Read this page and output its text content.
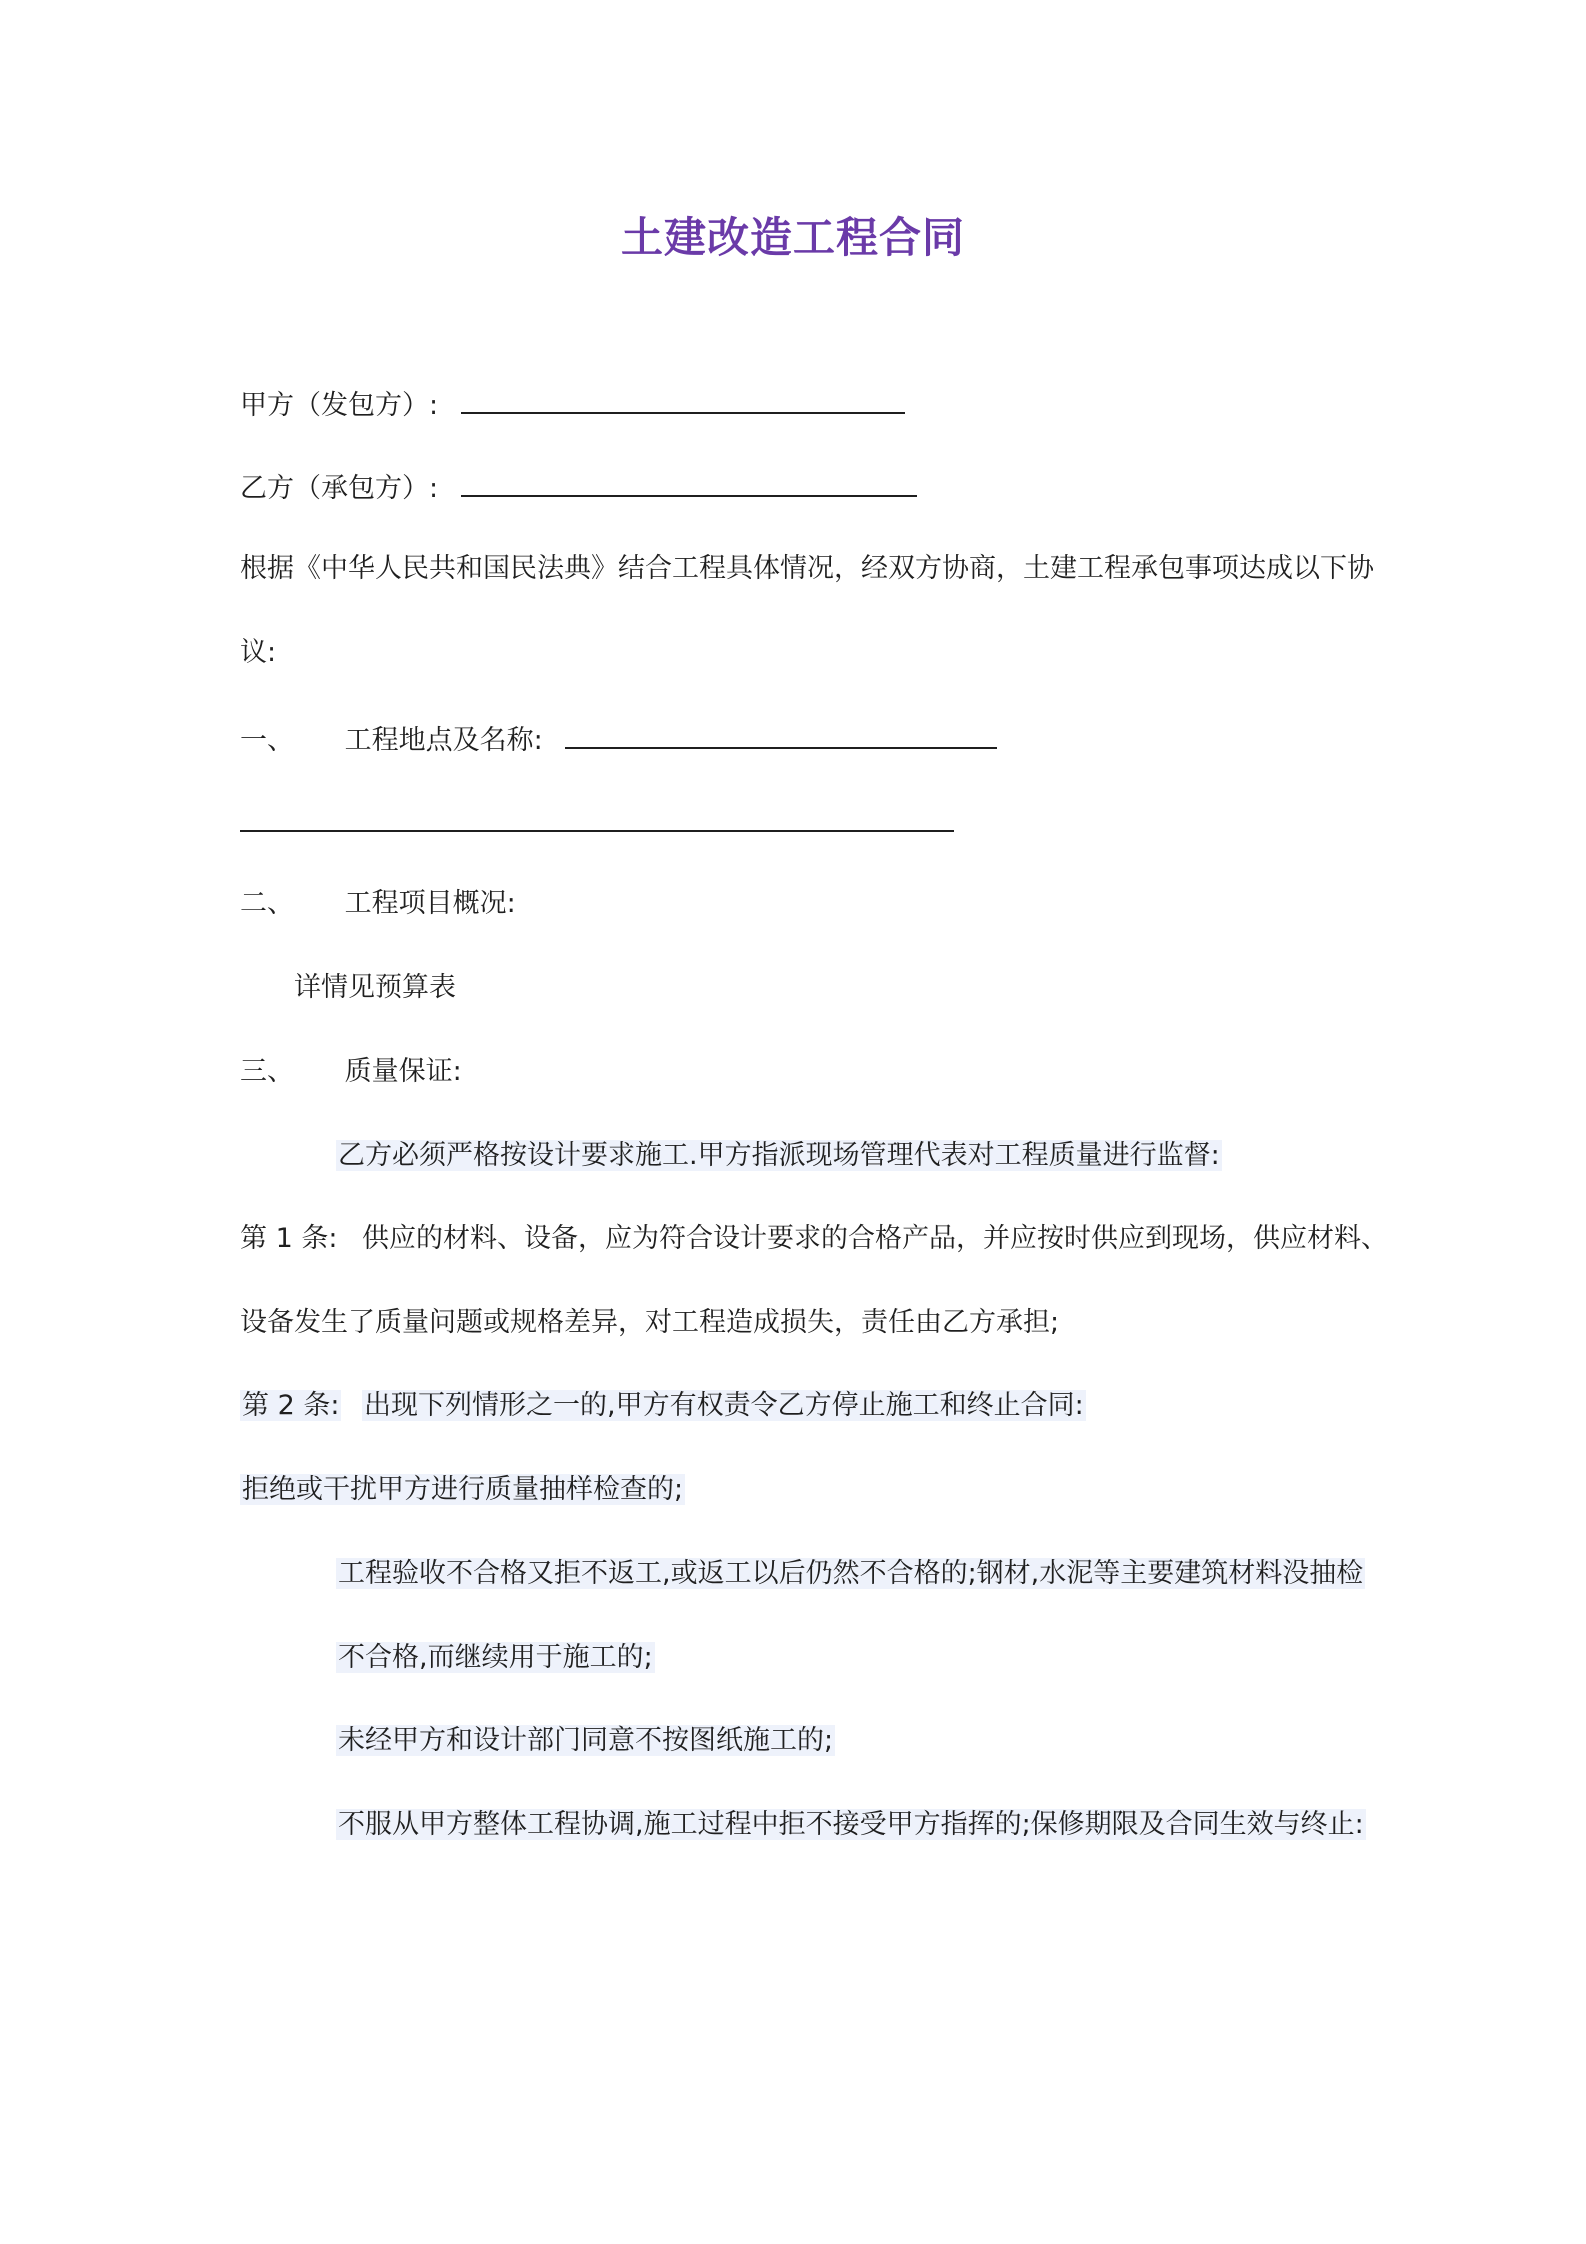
土建改造工程合同
甲方（发包方）:
乙方（承包方）:
根据《中华人民共和国民法典》结合工程具体情况，经双方协商，土建工程承包事项达成以下协
议:
一、 工程地点及名称:
二、 工程项目概况:
详情见预算表
三、 质量保证:
乙方必须严格按设计要求施工.甲方指派现场管理代表对工程质量进行监督:
第 1 条: 供应的材料、设备，应为符合设计要求的合格产品，并应按时供应到现场，供应材料、
设备发生了质量问题或规格差异，对工程造成损失，责任由乙方承担;
第 2 条: 出现下列情形之一的,甲方有权责令乙方停止施工和终止合同:
拒绝或干扰甲方进行质量抽样检查的;
工程验收不合格又拒不返工,或返工以后仍然不合格的;钢材,水泥等主要建筑材料没抽检
不合格,而继续用于施工的;
未经甲方和设计部门同意不按图纸施工的;
不服从甲方整体工程协调,施工过程中拒不接受甲方指挥的;保修期限及合同生效与终止:
